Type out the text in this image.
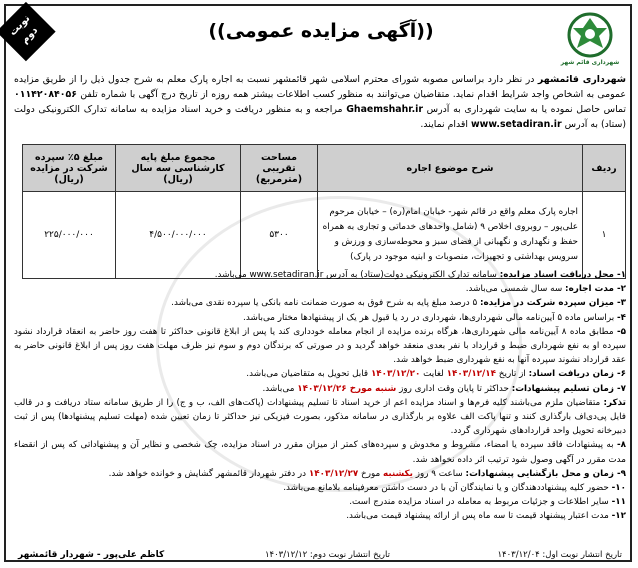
نوبت دوم	((آگهی مزایده عمومی))
شهرداری قائم شهر
شهرداری قائمشهر در نظر دارد براساس مصوبه شورای محترم اسلامی شهر قائمشهر نسبت به اجاره پارک معلم به شرح جدول ذیل را از طریق مزایده عمومی به اشخاص واجد شرایط اقدام نماید. متقاضیان می‌توانند به منظور کسب اطلاعات بیشتر همه روزه از تاریخ درج آگهی با شماره تلفن ۰۱۱۴۲۰۸۴۰۵۶ تماس حاصل نموده یا به سایت شهرداری به آدرس Ghaemshahr.ir مراجعه و به منظور دریافت و خرید اسناد مزایده به سامانه تدارک الکترونیکی دولت (ستاد) به آدرس www.setadiran.ir اقدام نمایند.
ردیف	شرح موضوع اجاره	مساحت تقریبی (مترمربع)	مجموع مبلغ پایه کارشناسی سه سال (ریال)	مبلغ ۵٪ سپرده شرکت در مزایده (ریال)
۱	اجاره پارک معلم واقع در قائم شهر- خیابان امام(ره) – خیابان مرحوم علی‌پور – روبروی اخلاص ۹ (شامل واحدهای خدماتی و تجاری به همراه حفظ و نگهداری و نگهبانی از فضای سبز و محوطه‌سازی و ورزش و سرویس بهداشتی و تجهیزات، منصوبات و ابنیه موجود در پارک)	۵۳۰۰	۴/۵۰۰/۰۰۰/۰۰۰	۲۲۵/۰۰۰/۰۰۰
۱- محل دریافت اسناد مزایده: سامانه تدارک الکترونیکی دولت(ستاد) به آدرس www.setadiran.ir می‌باشد.
۲- مدت اجاره: سه سال شمسی می‌باشد.
۳- میزان سپرده شرکت در مزایده: ۵ درصد مبلغ پایه به شرح فوق به صورت ضمانت نامه بانکی یا سپرده نقدی می‌باشد.
۴- براساس ماده ۵ آیین‌نامه مالی شهرداری‌ها، شهرداری در رد یا قبول هر یک از پیشنهادها مختار می‌باشد.
۵- مطابق ماده ۸ آیین‌نامه مالی شهرداری‌ها، هرگاه برنده مزایده از انجام معامله خودداری کند یا پس از ابلاغ قانونی حداکثر تا هفت روز حاضر به انعقاد قرارداد نشود سپرده او به نفع شهرداری ضبط و قرارداد با نفر بعدی منعقد خواهد گردید و در صورتی که برندگان دوم و سوم نیز ظرف مهلت هفت روز پس از ابلاغ قانونی حاضر به عقد قرارداد نشوند سپرده آنها به نفع شهرداری ضبط خواهد شد.
۶- زمان دریافت اسناد: از تاریخ ۱۴۰۳/۱۲/۱۴ لغایت ۱۴۰۳/۱۲/۲۰ قابل تحویل به متقاضیان می‌باشد.
۷- زمان تسلیم پیشنهادات: حداکثر تا پایان وقت اداری روز شنبه مورخ ۱۴۰۳/۱۲/۲۶ می‌باشد.
تذکر: متقاضیان ملزم می‌باشند کلیه فرم‌ها و اسناد مزایده اعم از خرید اسناد تا تسلیم پیشنهادات (پاکت‌های الف، ب و ج) را از طریق سامانه ستاد دریافت و در قالب فایل پی‌دی‌اف بارگذاری کنند و تنها پاکت الف علاوه بر بارگذاری در سامانه مذکور، بصورت فیزیکی نیز حداکثر تا زمان تعیین شده (مهلت تسلیم پیشنهادها) پس از ثبت دبیرخانه تحویل واحد قراردادهای شهرداری گردد.
۸- به پیشنهادات فاقد سپرده یا امضاء، مشروط و مخدوش و سپرده‌های کمتر از میزان مقرر در اسناد مزایده، چک شخصی و نظایر آن و پیشنهاداتی که پس از انقضاء مدت مقرر در آگهی وصول شود ترتیب اثر داده نخواهد شد.
۹- زمان و محل بازگشایی پیشنهادات: ساعت ۹ روز یکشنبه مورخ ۱۴۰۳/۱۲/۲۷ در دفتر شهردار قائمشهر گشایش و خوانده خواهد شد.
۱۰- حضور کلیه پیشنهاددهندگان و یا نمایندگان آن با در دست داشتن معرفینامه بلامانع می‌باشد.
۱۱- سایر اطلاعات و جزئیات مربوط به معامله در اسناد مزایده مندرج است.
۱۲- مدت اعتبار پیشنهاد قیمت تا سه ماه پس از ارائه پیشنهاد قیمت می‌باشد.
تاریخ انتشار نوبت اول: ۱۴۰۳/۱۲/۰۴
تاریخ انتشار نوبت دوم: ۱۴۰۳/۱۲/۱۲
کاظم علی‌پور - شهردار قائمشهر
